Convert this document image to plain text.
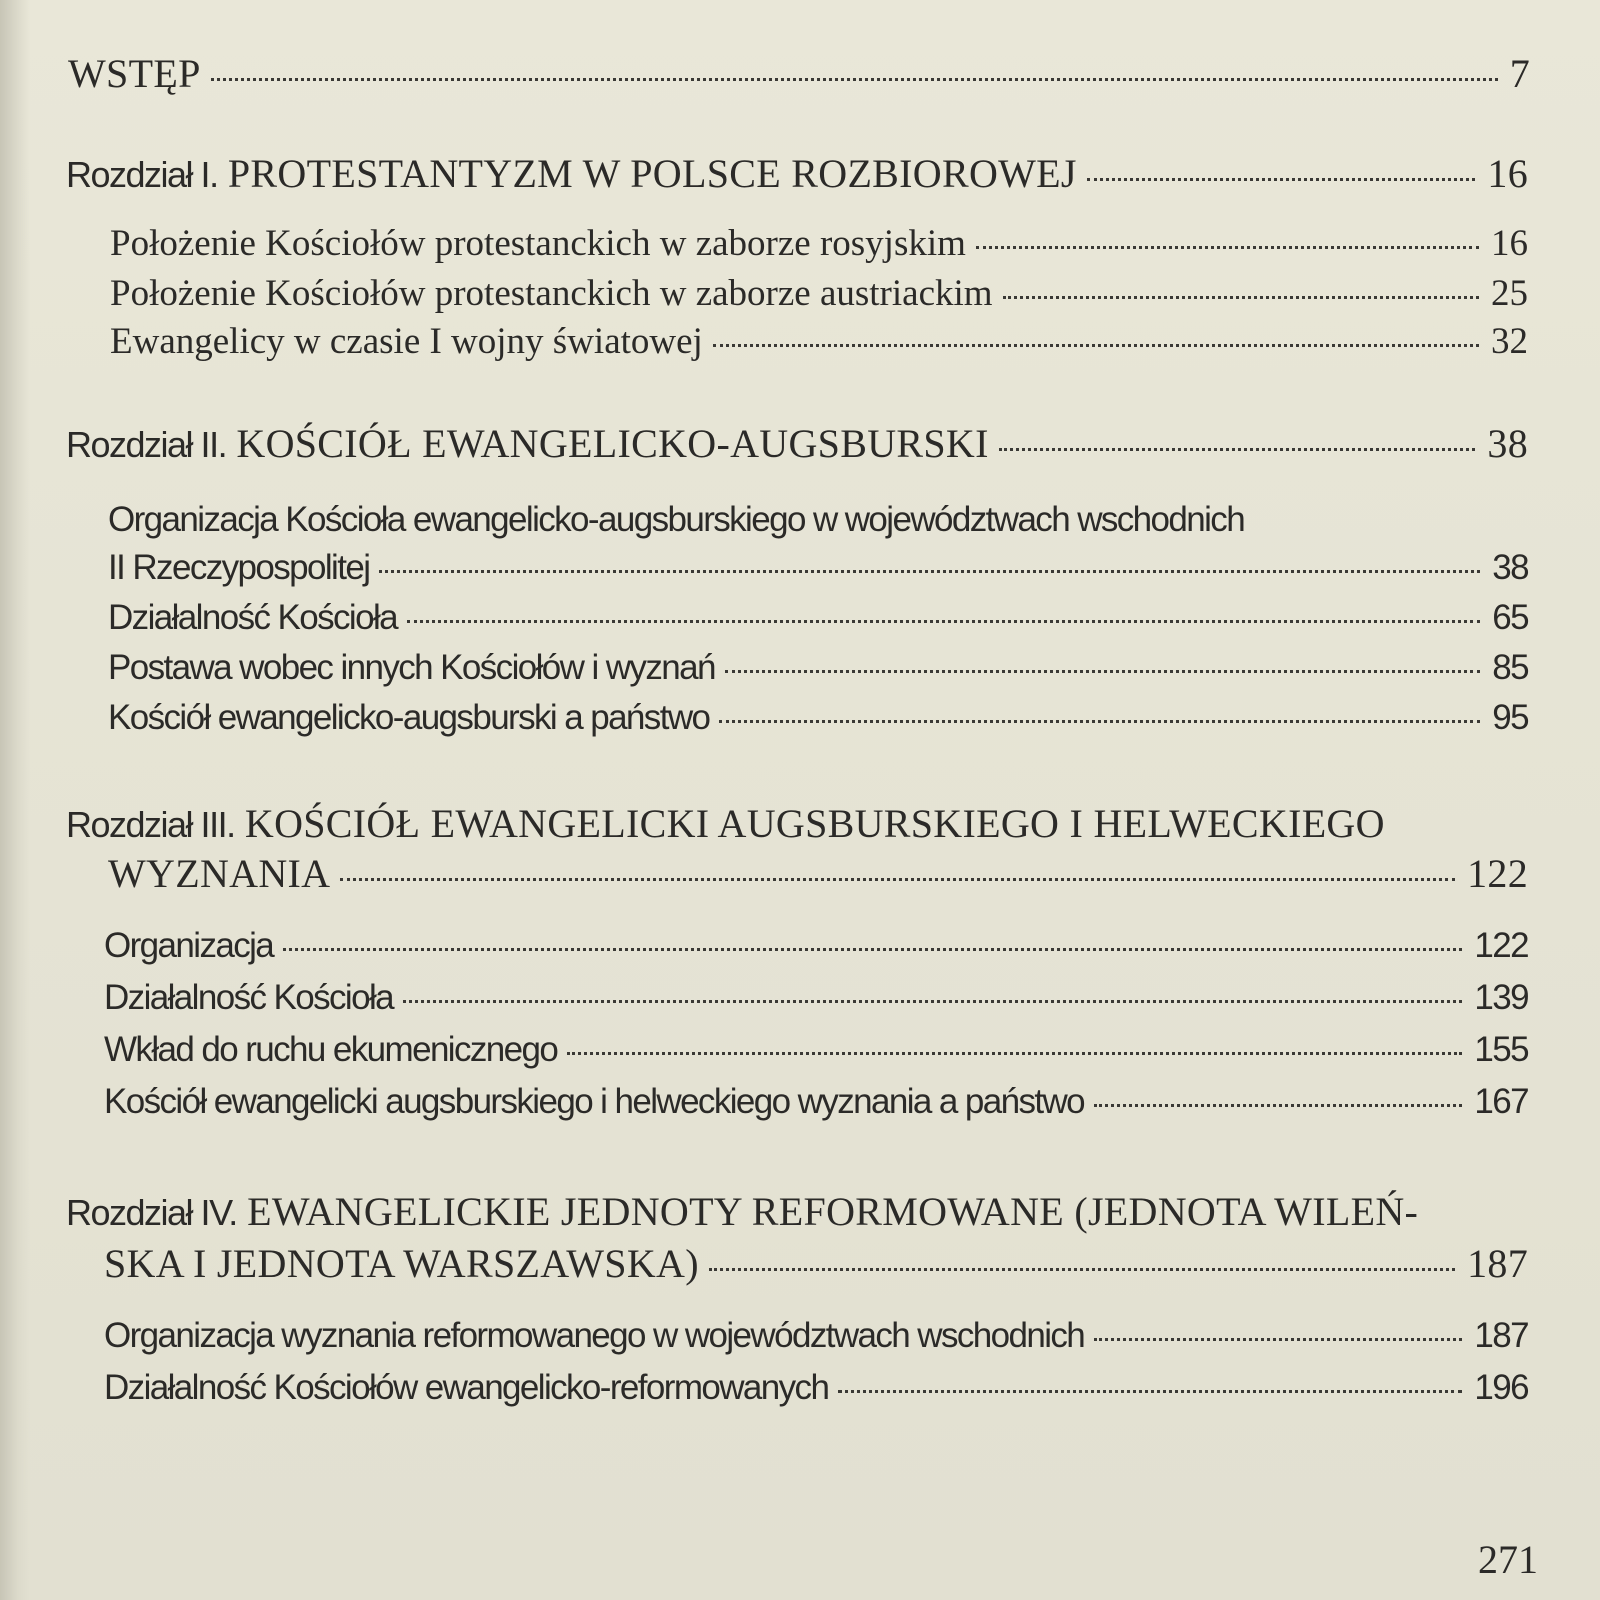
WSTĘP	7
Rozdział I. PROTESTANTYZM W POLSCE ROZBIOROWEJ	16
Położenie Kościołów protestanckich w zaborze rosyjskim	16
Położenie Kościołów protestanckich w zaborze austriackim	25
Ewangelicy w czasie I wojny światowej	32
Rozdział II. KOŚCIÓŁ EWANGELICKO-AUGSBURSKI	38
Organizacja Kościoła ewangelicko-augsburskiego w województwach wschodnich
II Rzeczypospolitej	38
Działalność Kościoła	65
Postawa wobec innych Kościołów i wyznań	85
Kościół ewangelicko-augsburski a państwo	95
Rozdział III. KOŚCIÓŁ EWANGELICKI AUGSBURSKIEGO I HELWECKIEGO
WYZNANIA	122
Organizacja	122
Działalność Kościoła	139
Wkład do ruchu ekumenicznego	155
Kościół ewangelicki augsburskiego i helweckiego wyznania a państwo	167
Rozdział IV. EWANGELICKIE JEDNOTY REFORMOWANE (JEDNOTA WILEŃ-
SKA I JEDNOTA WARSZAWSKA)	187
Organizacja wyznania reformowanego w województwach wschodnich	187
Działalność Kościołów ewangelicko-reformowanych	196
271
